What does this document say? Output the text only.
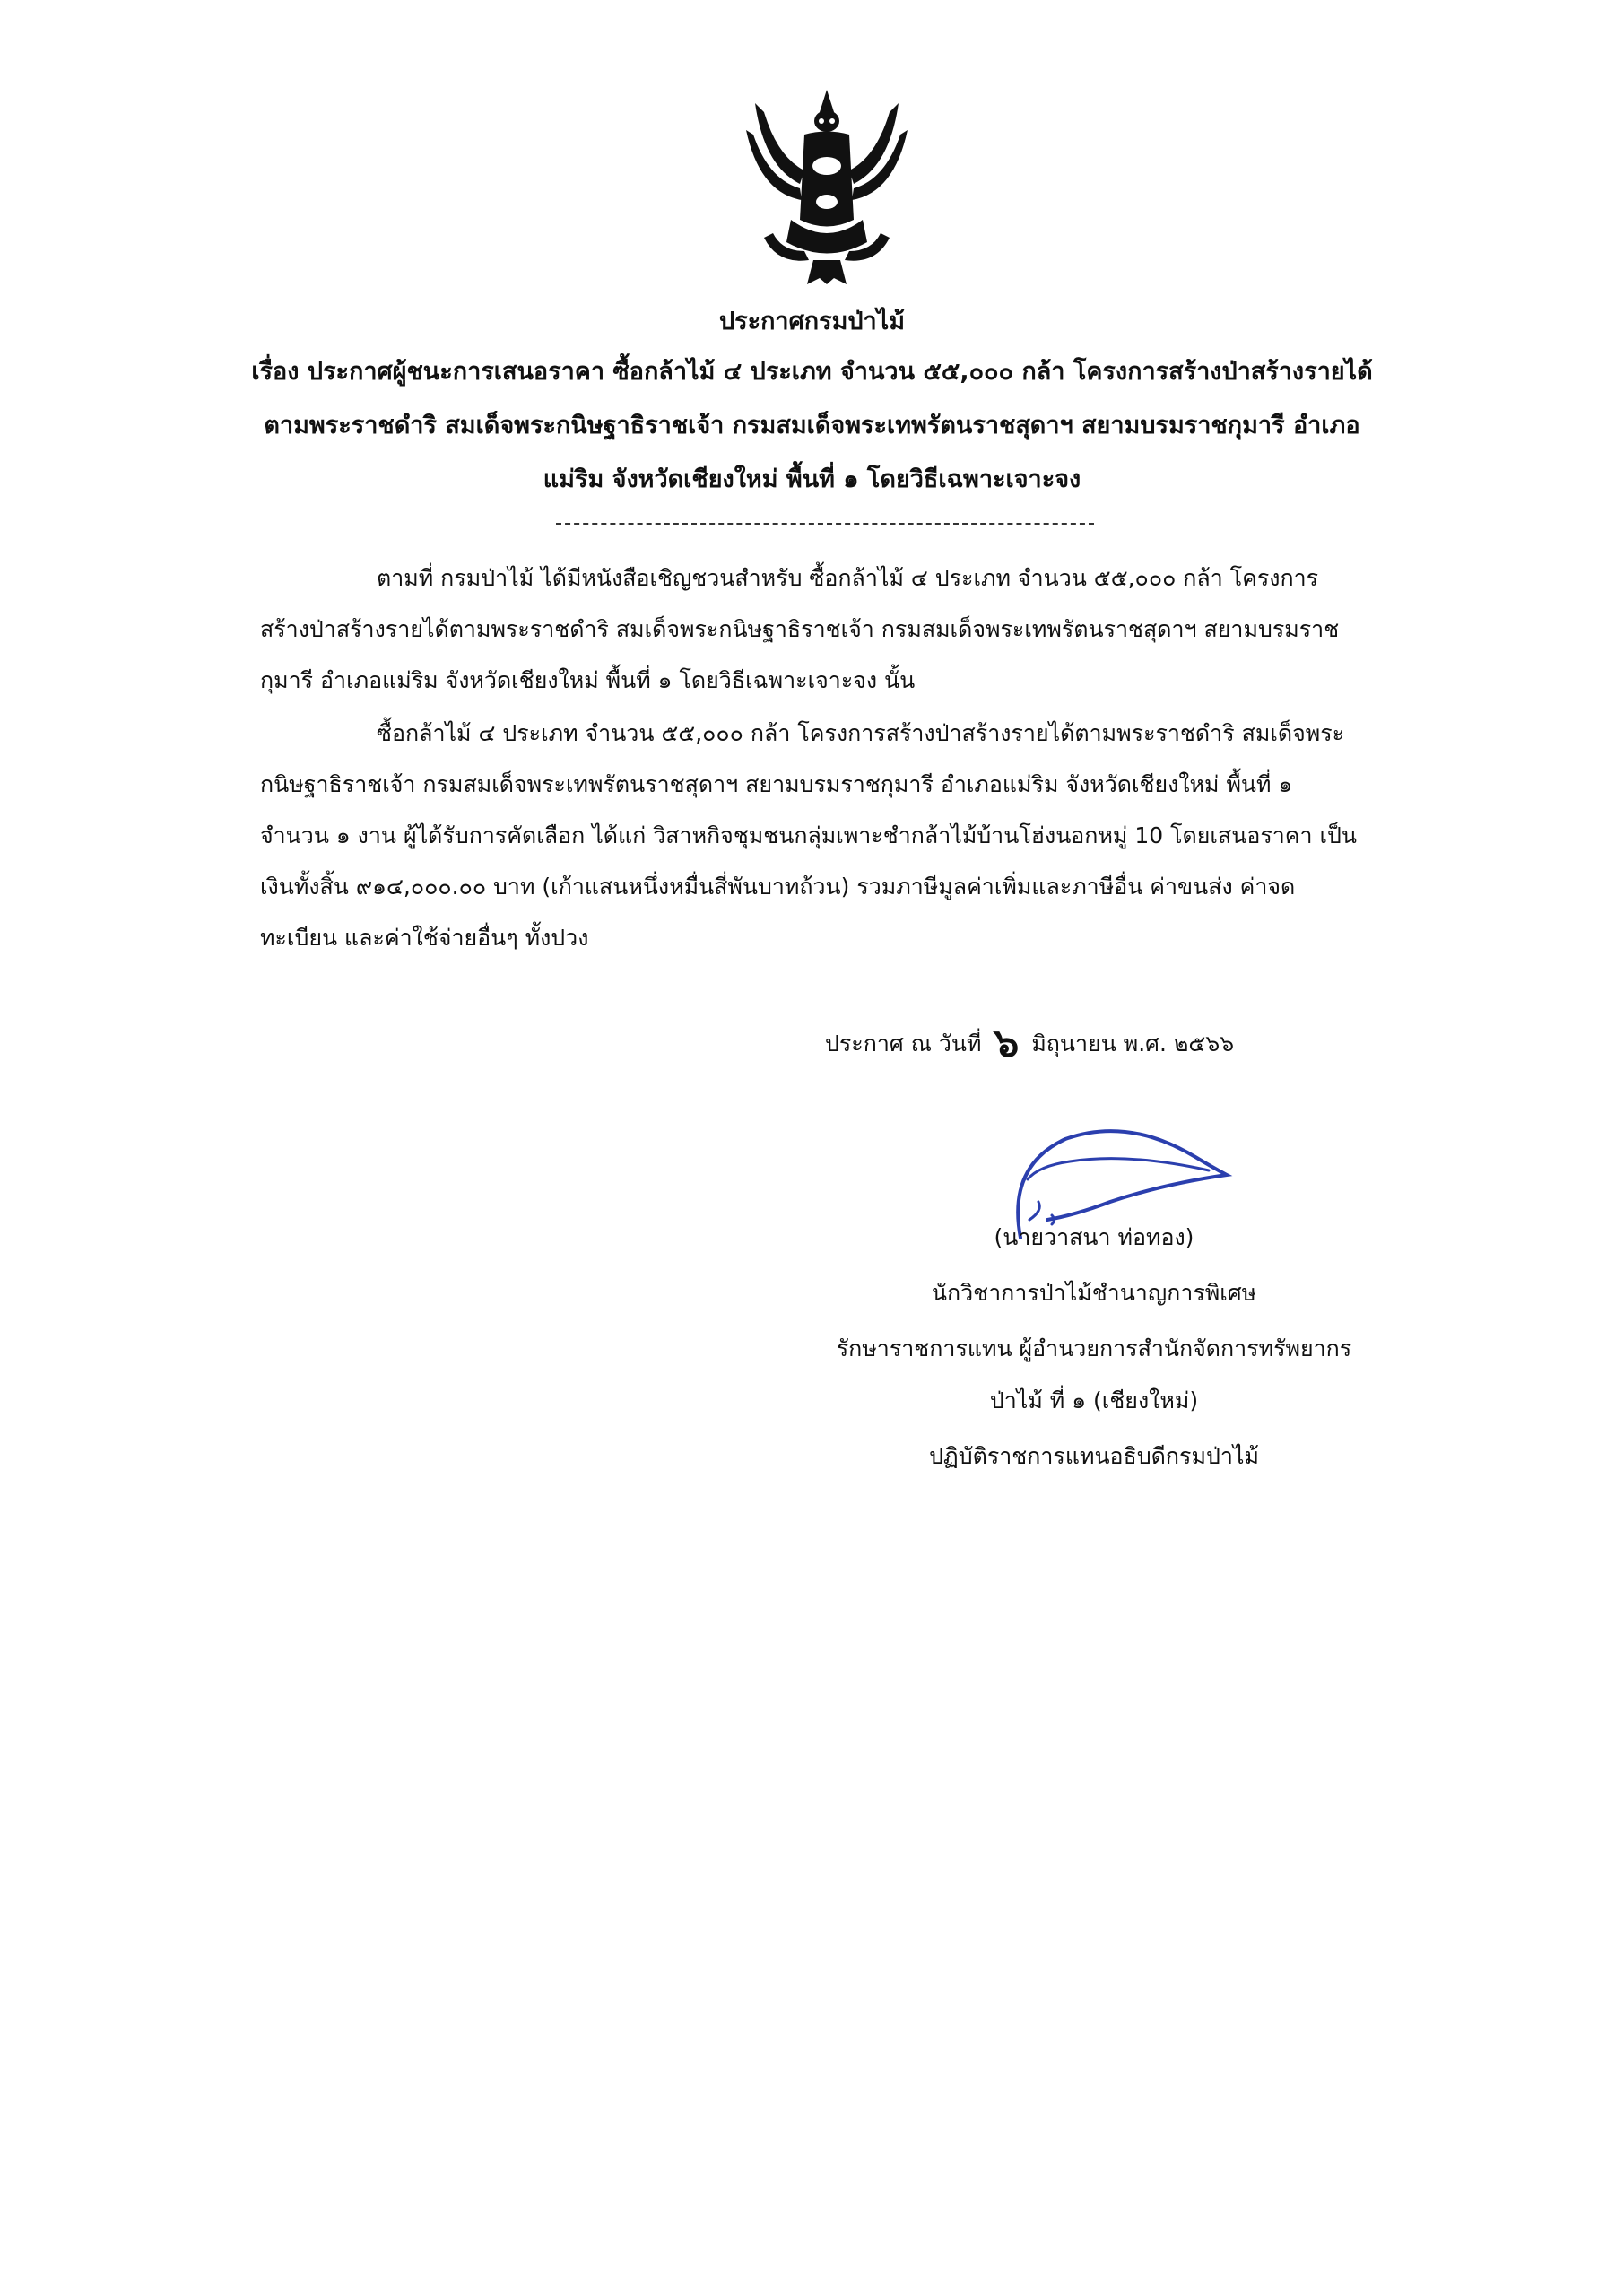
ประกาศกรมป่าไม้
เรื่อง ประกาศผู้ชนะการเสนอราคา ซื้อกล้าไม้ ๔ ประเภท จำนวน ๕๕,๐๐๐ กล้า โครงการสร้างป่าสร้างรายได้
ตามพระราชดำริ สมเด็จพระกนิษฐาธิราชเจ้า กรมสมเด็จพระเทพรัตนราชสุดาฯ สยามบรมราชกุมารี อำเภอ
แม่ริม จังหวัดเชียงใหม่ พื้นที่ ๑ โดยวิธีเฉพาะเจาะจง
ตามที่ กรมป่าไม้ ได้มีหนังสือเชิญชวนสำหรับ ซื้อกล้าไม้ ๔ ประเภท จำนวน ๕๕,๐๐๐ กล้า โครงการ
สร้างป่าสร้างรายได้ตามพระราชดำริ สมเด็จพระกนิษฐาธิราชเจ้า กรมสมเด็จพระเทพรัตนราชสุดาฯ สยามบรมราช
กุมารี อำเภอแม่ริม จังหวัดเชียงใหม่ พื้นที่ ๑ โดยวิธีเฉพาะเจาะจง นั้น
ซื้อกล้าไม้ ๔ ประเภท จำนวน ๕๕,๐๐๐ กล้า โครงการสร้างป่าสร้างรายได้ตามพระราชดำริ สมเด็จพระ
กนิษฐาธิราชเจ้า กรมสมเด็จพระเทพรัตนราชสุดาฯ สยามบรมราชกุมารี อำเภอแม่ริม จังหวัดเชียงใหม่ พื้นที่ ๑
จำนวน ๑ งาน ผู้ได้รับการคัดเลือก ได้แก่ วิสาหกิจชุมชนกลุ่มเพาะชำกล้าไม้บ้านโฮ่งนอกหมู่ 10 โดยเสนอราคา เป็น
เงินทั้งสิ้น ๙๑๔,๐๐๐.๐๐ บาท (เก้าแสนหนึ่งหมื่นสี่พันบาทถ้วน) รวมภาษีมูลค่าเพิ่มและภาษีอื่น ค่าขนส่ง ค่าจด
ทะเบียน และค่าใช้จ่ายอื่นๆ ทั้งปวง
ประกาศ ณ วันที่ ๖ มิถุนายน พ.ศ. ๒๕๖๖
(นายวาสนา ท่อทอง)
นักวิชาการป่าไม้ชำนาญการพิเศษ
รักษาราชการแทน ผู้อำนวยการสำนักจัดการทรัพยากร
ป่าไม้ ที่ ๑ (เชียงใหม่)
ปฏิบัติราชการแทนอธิบดีกรมป่าไม้
